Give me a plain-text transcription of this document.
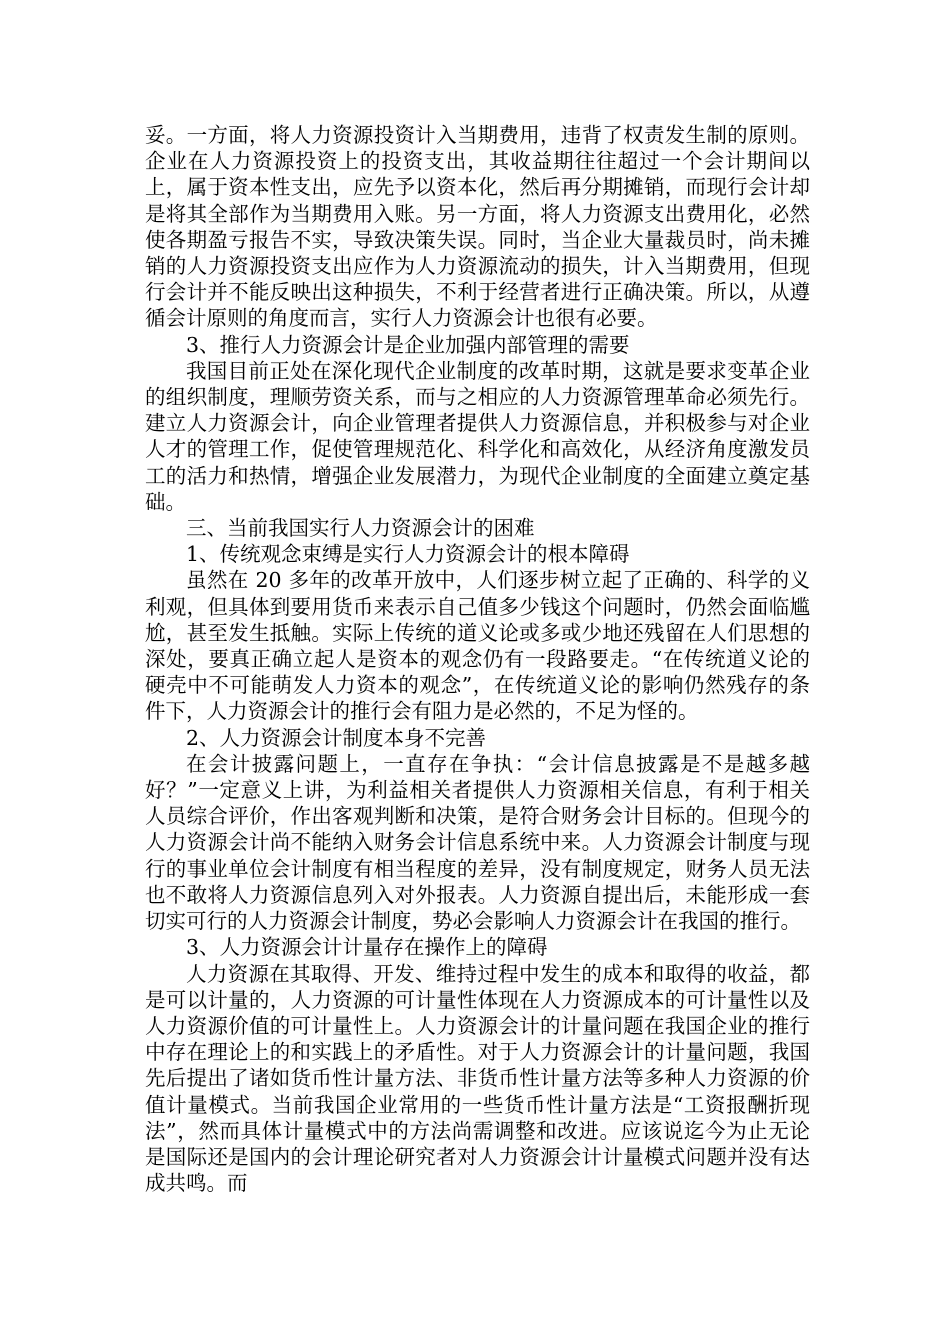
妥。一方面，将人力资源投资计入当期费用，违背了权责发生制的原则。企业在人力资源投资上的投资支出，其收益期往往超过一个会计期间以上，属于资本性支出，应先予以资本化，然后再分期摊销，而现行会计却是将其全部作为当期费用入账。另一方面，将人力资源支出费用化，必然使各期盈亏报告不实，导致决策失误。同时，当企业大量裁员时，尚未摊销的人力资源投资支出应作为人力资源流动的损失，计入当期费用，但现行会计并不能反映出这种损失，不利于经营者进行正确决策。所以，从遵循会计原则的角度而言，实行人力资源会计也很有必要。

3、推行人力资源会计是企业加强内部管理的需要

我国目前正处在深化现代企业制度的改革时期，这就是要求变革企业的组织制度，理顺劳资关系，而与之相应的人力资源管理革命必须先行。建立人力资源会计，向企业管理者提供人力资源信息，并积极参与对企业人才的管理工作，促使管理规范化、科学化和高效化，从经济角度激发员工的活力和热情，增强企业发展潜力，为现代企业制度的全面建立奠定基础。

三、当前我国实行人力资源会计的困难

1、传统观念束缚是实行人力资源会计的根本障碍

虽然在 20 多年的改革开放中，人们逐步树立起了正确的、科学的义利观，但具体到要用货币来表示自己值多少钱这个问题时，仍然会面临尴尬，甚至发生抵触。实际上传统的道义论或多或少地还残留在人们思想的深处，要真正确立起人是资本的观念仍有一段路要走。“在传统道义论的硬壳中不可能萌发人力资本的观念”，在传统道义论的影响仍然残存的条件下，人力资源会计的推行会有阻力是必然的，不足为怪的。

2、人力资源会计制度本身不完善

在会计披露问题上，一直存在争执：“会计信息披露是不是越多越好？”一定意义上讲，为利益相关者提供人力资源相关信息，有利于相关人员综合评价，作出客观判断和决策，是符合财务会计目标的。但现今的人力资源会计尚不能纳入财务会计信息系统中来。人力资源会计制度与现行的事业单位会计制度有相当程度的差异，没有制度规定，财务人员无法也不敢将人力资源信息列入对外报表。人力资源自提出后，未能形成一套切实可行的人力资源会计制度，势必会影响人力资源会计在我国的推行。

3、人力资源会计计量存在操作上的障碍

人力资源在其取得、开发、维持过程中发生的成本和取得的收益，都是可以计量的，人力资源的可计量性体现在人力资源成本的可计量性以及人力资源价值的可计量性上。人力资源会计的计量问题在我国企业的推行中存在理论上的和实践上的矛盾性。对于人力资源会计的计量问题，我国先后提出了诸如货币性计量方法、非货币性计量方法等多种人力资源的价值计量模式。当前我国企业常用的一些货币性计量方法是“工资报酬折现法”，然而具体计量模式中的方法尚需调整和改进。应该说迄今为止无论是国际还是国内的会计理论研究者对人力资源会计计量模式问题并没有达成共鸣。而
